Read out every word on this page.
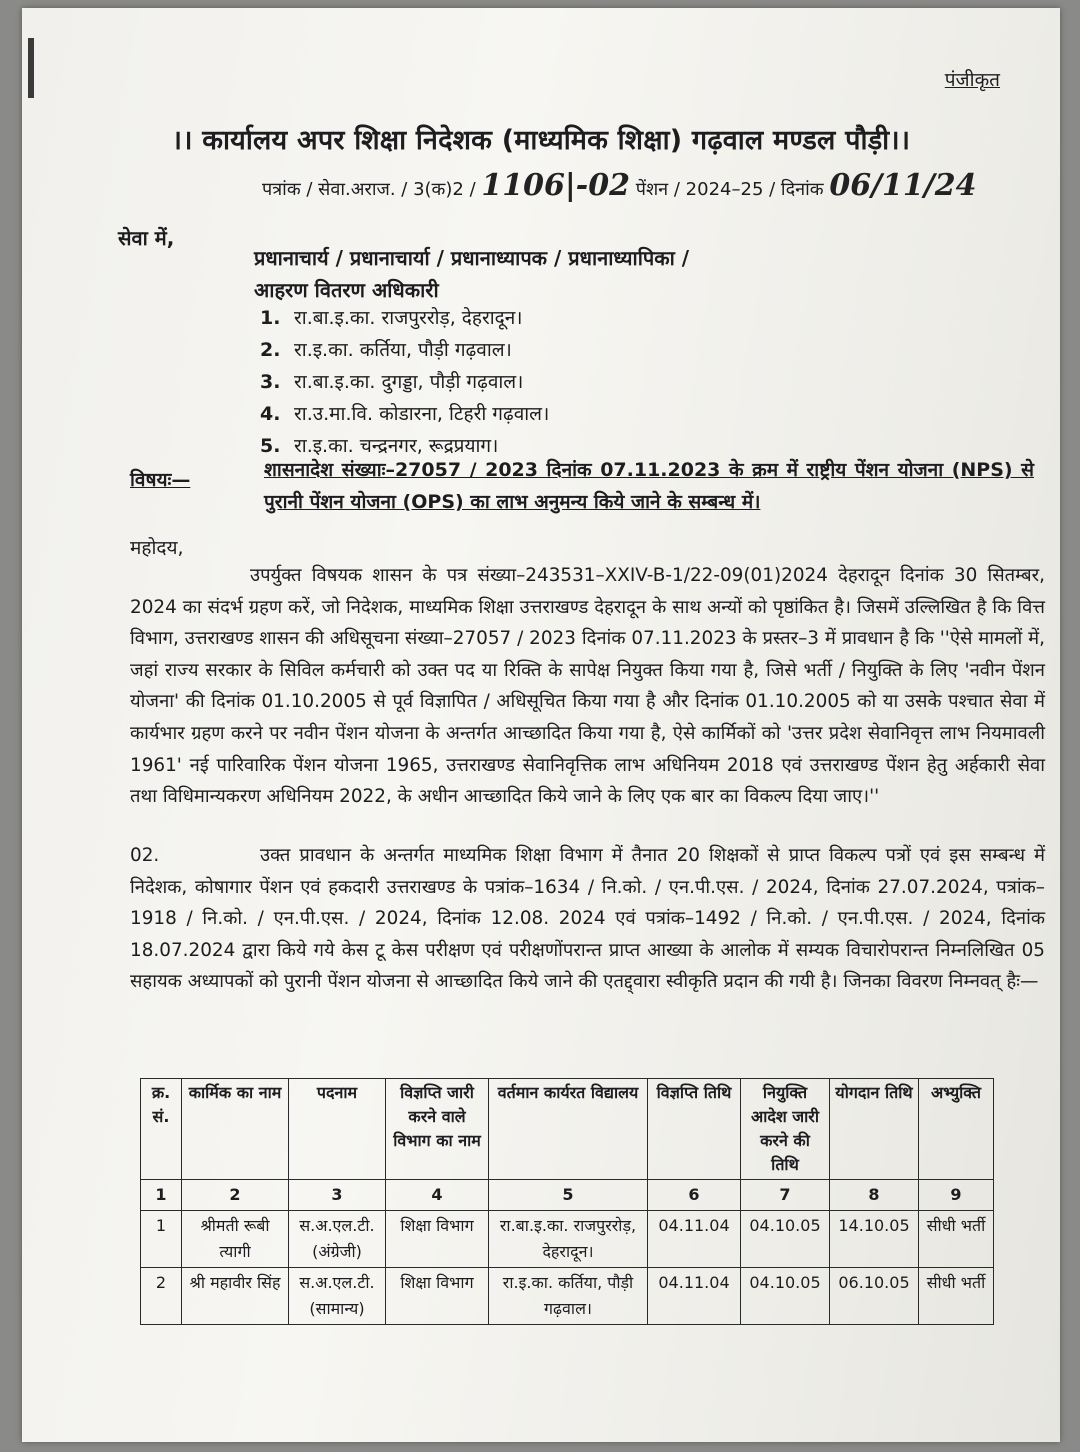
पंजीकृत
।। कार्यालय अपर शिक्षा निदेशक (माध्यमिक शिक्षा) गढ़वाल मण्डल पौड़ी।।
पत्रांक / सेवा.अराज. / 3(क)2 / 1106|-02 पेंशन / 2024–25 / दिनांक 06/11/24
सेवा में,
प्रधानाचार्य / प्रधानाचार्या / प्रधानाध्यापक / प्रधानाध्यापिका /
आहरण वितरण अधिकारी
1. रा.बा.इ.का. राजपुररोड़, देहरादून।
2. रा.इ.का. कर्तिया, पौड़ी गढ़वाल।
3. रा.बा.इ.का. दुगड्डा, पौड़ी गढ़वाल।
4. रा.उ.मा.वि. कोडारना, टिहरी गढ़वाल।
5. रा.इ.का. चन्द्रनगर, रूद्रप्रयाग।
विषयः—	शासनादेश संख्याः–27057 / 2023 दिनांक 07.11.2023 के क्रम में राष्ट्रीय पेंशन योजना (NPS) से पुरानी पेंशन योजना (OPS) का लाभ अनुमन्य किये जाने के सम्बन्ध में।
महोदय,
उपर्युक्त विषयक शासन के पत्र संख्या–243531–XXIV-B-1/22-09(01)2024 देहरादून दिनांक 30 सितम्बर, 2024 का संदर्भ ग्रहण करें, जो निदेशक, माध्यमिक शिक्षा उत्तराखण्ड देहरादून के साथ अन्यों को पृष्ठांकित है। जिसमें उल्लिखित है कि वित्त विभाग, उत्तराखण्ड शासन की अधिसूचना संख्या–27057 / 2023 दिनांक 07.11.2023 के प्रस्तर–3 में प्रावधान है कि ''ऐसे मामलों में, जहां राज्य सरकार के सिविल कर्मचारी को उक्त पद या रिक्ति के सापेक्ष नियुक्त किया गया है, जिसे भर्ती / नियुक्ति के लिए 'नवीन पेंशन योजना' की दिनांक 01.10.2005 से पूर्व विज्ञापित / अधिसूचित किया गया है और दिनांक 01.10.2005 को या उसके पश्चात सेवा में कार्यभार ग्रहण करने पर नवीन पेंशन योजना के अन्तर्गत आच्छादित किया गया है, ऐसे कार्मिकों को 'उत्तर प्रदेश सेवानिवृत्त लाभ नियमावली 1961' नई पारिवारिक पेंशन योजना 1965, उत्तराखण्ड सेवानिवृत्तिक लाभ अधिनियम 2018 एवं उत्तराखण्ड पेंशन हेतु अर्हकारी सेवा तथा विधिमान्यकरण अधिनियम 2022, के अधीन आच्छादित किये जाने के लिए एक बार का विकल्प दिया जाए।''
02.	उक्त प्रावधान के अन्तर्गत माध्यमिक शिक्षा विभाग में तैनात 20 शिक्षकों से प्राप्त विकल्प पत्रों एवं इस सम्बन्ध में निदेशक, कोषागार पेंशन एवं हकदारी उत्तराखण्ड के पत्रांक–1634 / नि.को. / एन.पी.एस. / 2024, दिनांक 27.07.2024, पत्रांक–1918 / नि.को. / एन.पी.एस. / 2024, दिनांक 12.08. 2024 एवं पत्रांक–1492 / नि.को. / एन.पी.एस. / 2024, दिनांक 18.07.2024 द्वारा किये गये केस टू केस परीक्षण एवं परीक्षणोंपरान्त प्राप्त आख्या के आलोक में सम्यक विचारोपरान्त निम्नलिखित 05 सहायक अध्यापकों को पुरानी पेंशन योजना से आच्छादित किये जाने की एतद्द्वारा स्वीकृति प्रदान की गयी है। जिनका विवरण निम्नवत् हैः—
क्र. सं.	कार्मिक का नाम	पदनाम	विज्ञप्ति जारी करने वाले विभाग का नाम	वर्तमान कार्यरत विद्यालय	विज्ञप्ति तिथि	नियुक्ति आदेश जारी करने की तिथि	योगदान तिथि	अभ्युक्ति
1	2	3	4	5	6	7	8	9
1	श्रीमती रूबी त्यागी	स.अ.एल.टी. (अंग्रेजी)	शिक्षा विभाग	रा.बा.इ.का. राजपुररोड़, देहरादून।	04.11.04	04.10.05	14.10.05	सीधी भर्ती
2	श्री महावीर सिंह	स.अ.एल.टी. (सामान्य)	शिक्षा विभाग	रा.इ.का. कर्तिया, पौड़ी गढ़वाल।	04.11.04	04.10.05	06.10.05	सीधी भर्ती
